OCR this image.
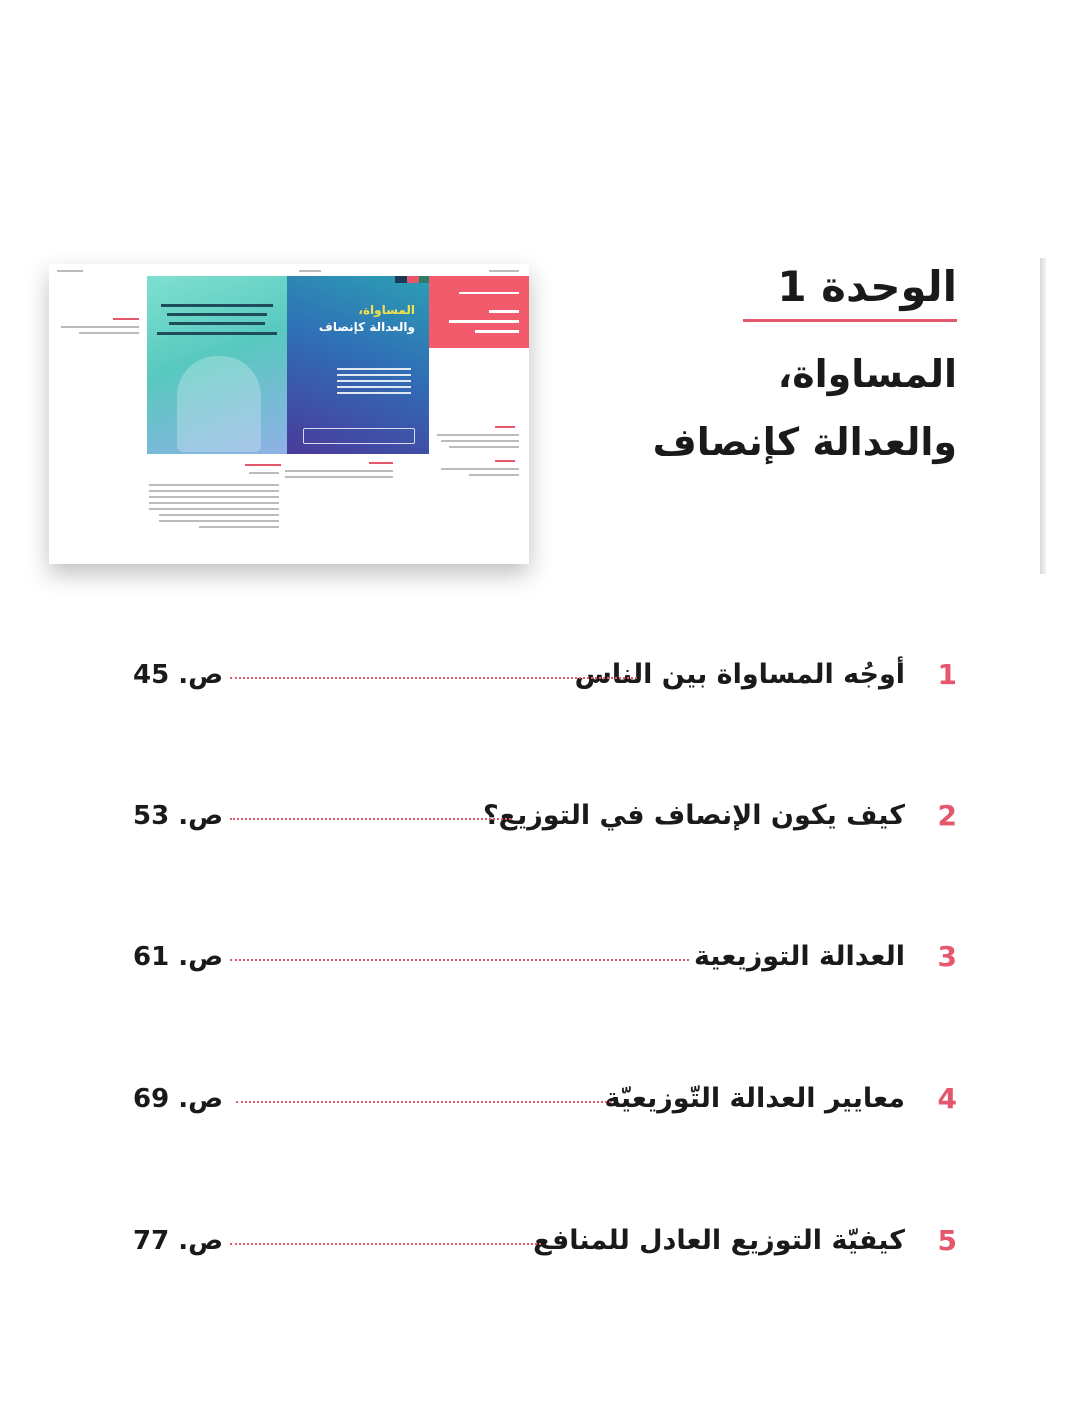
المساواة،
والعدالة كإنصاف
الوحدة 1
المساواة، والعدالة كإنصاف
1
أوجُه المساواة بين الناس
ص. 45
2
كيف يكون الإنصاف في التوزيع؟
ص. 53
3
العدالة التوزيعية
ص. 61
4
معايير العدالة التّوزيعيّة
ص. 69
5
كيفيّة التوزيع العادل للمنافع
ص. 77
